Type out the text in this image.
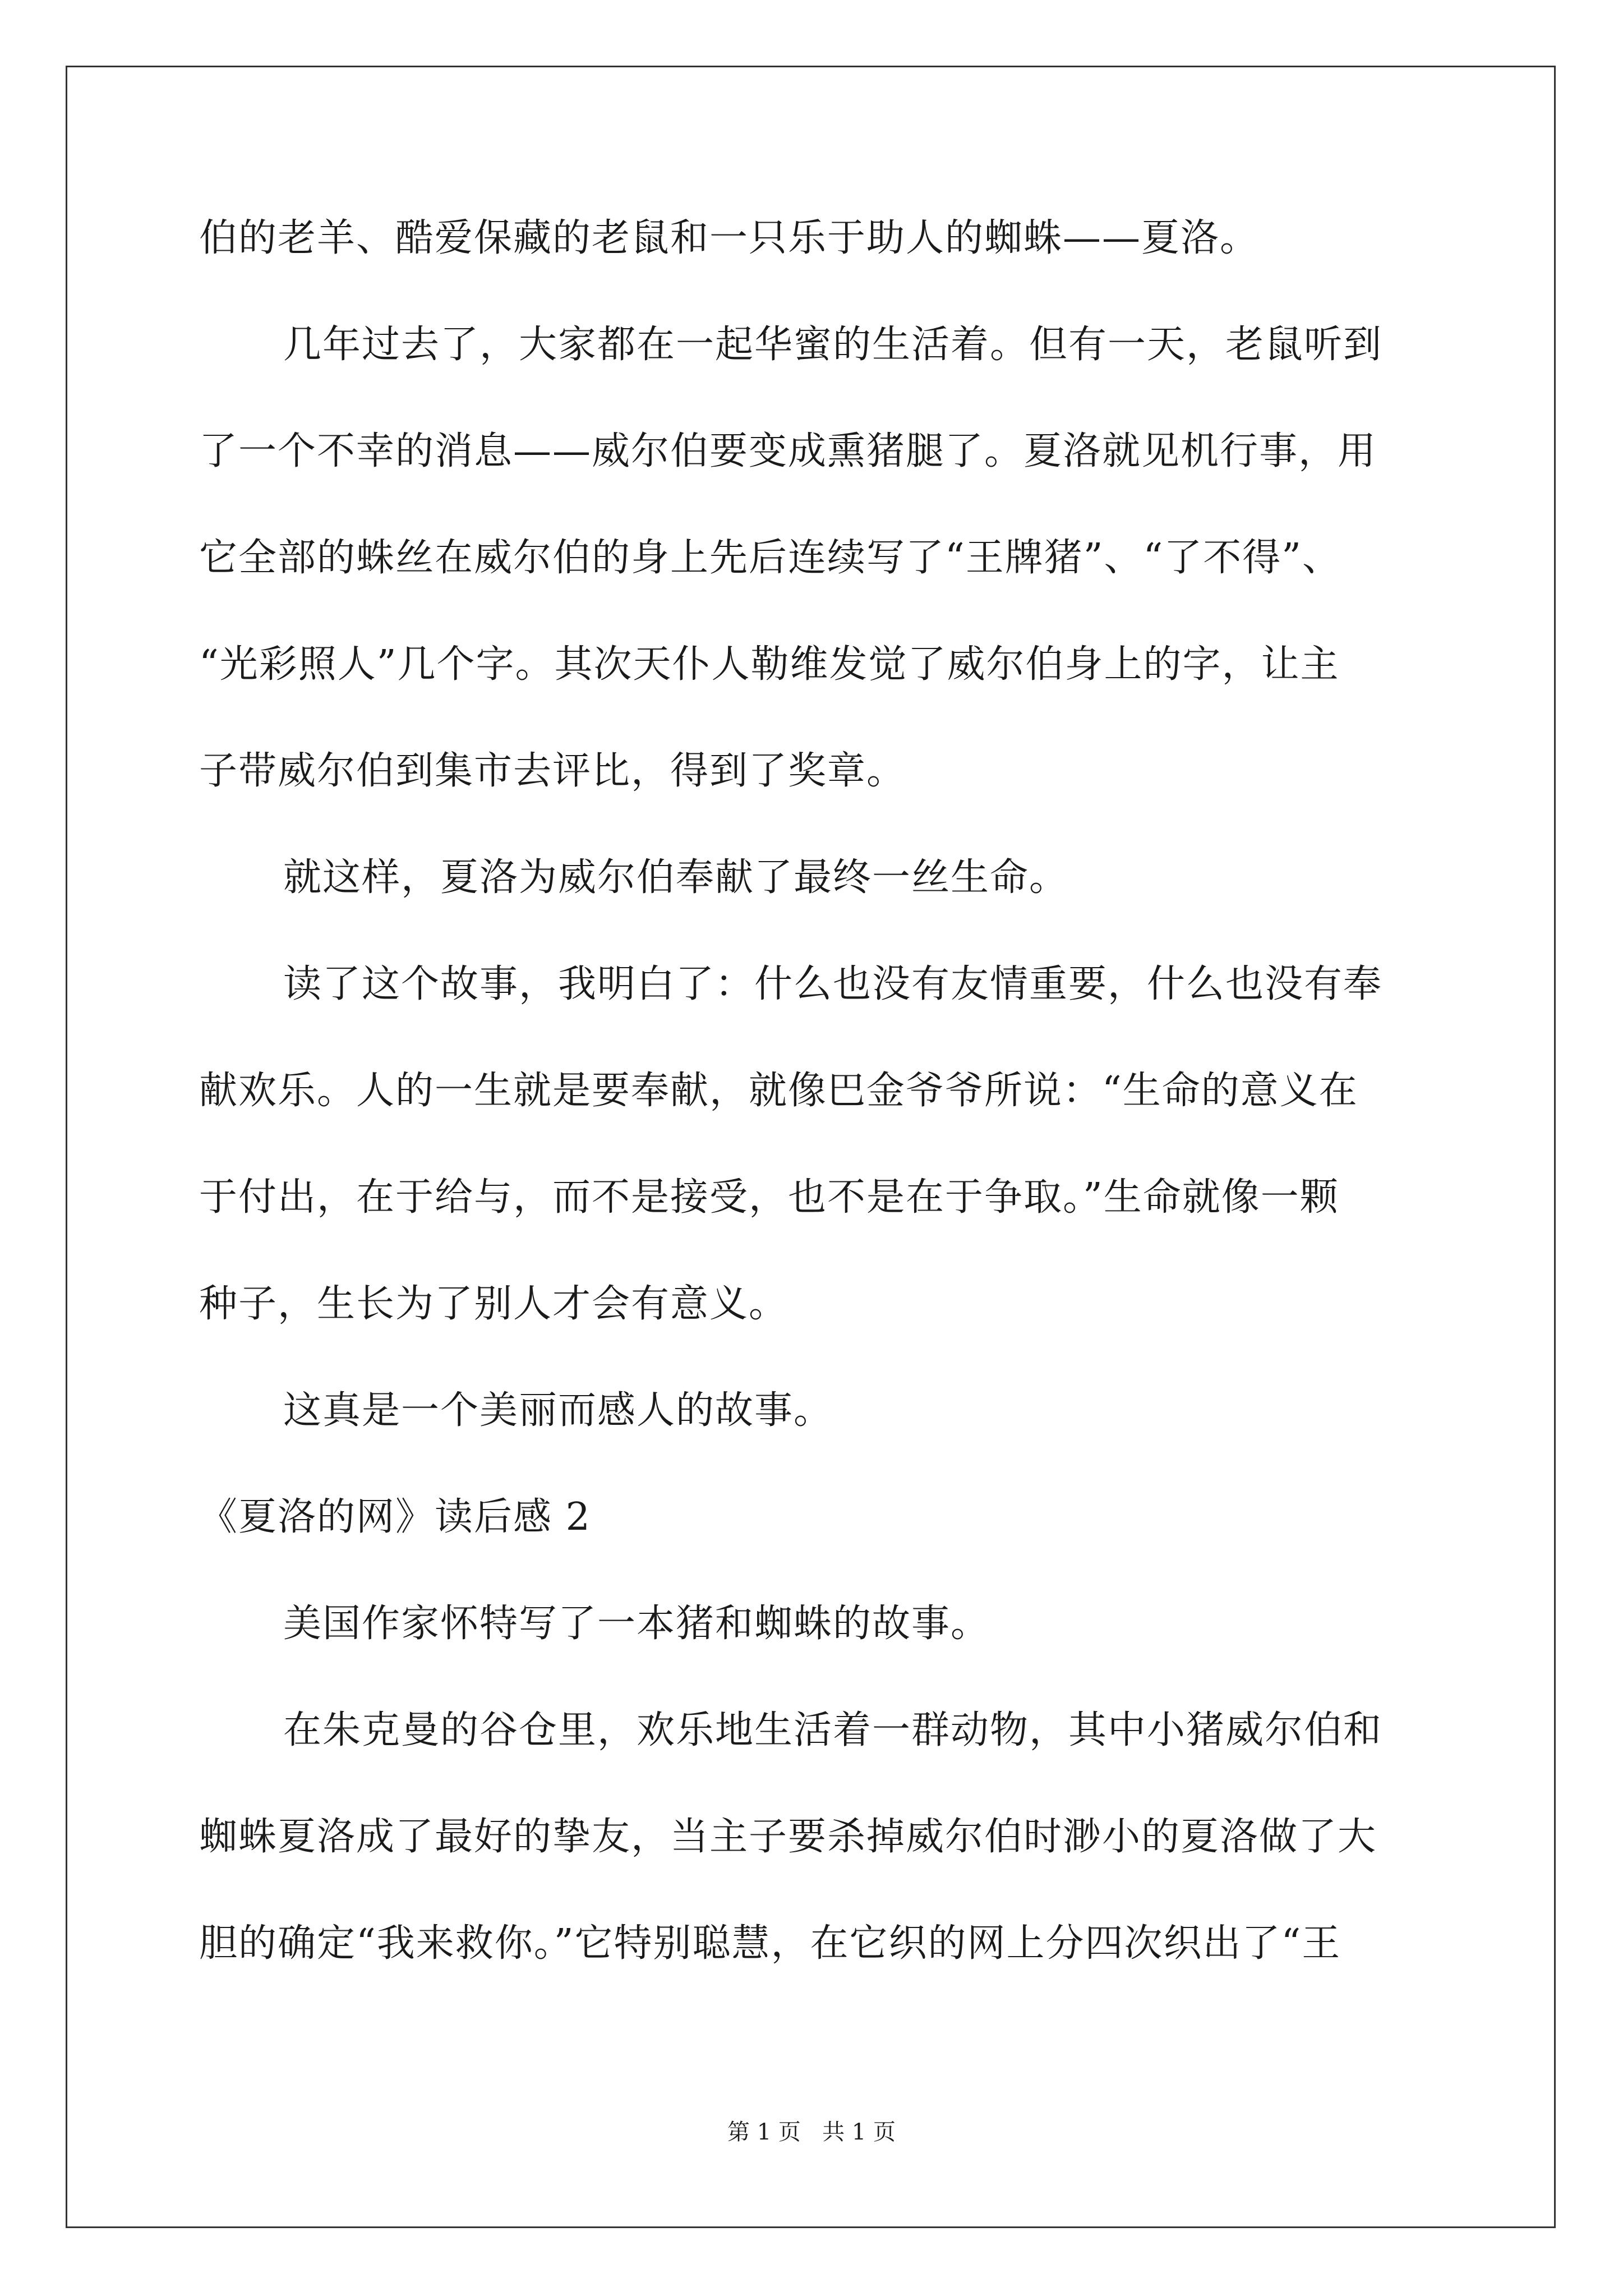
伯的老羊、酷爱保藏的老鼠和一只乐于助人的蜘蛛——夏洛。
几年过去了，大家都在一起华蜜的生活着。但有一天，老鼠听到
了一个不幸的消息——威尔伯要变成熏猪腿了。夏洛就见机行事，用
它全部的蛛丝在威尔伯的身上先后连续写了“王牌猪”、“了不得”、
“光彩照人”几个字。其次天仆人勒维发觉了威尔伯身上的字，让主
子带威尔伯到集市去评比，得到了奖章。
就这样，夏洛为威尔伯奉献了最终一丝生命。
读了这个故事，我明白了：什么也没有友情重要，什么也没有奉
献欢乐。人的一生就是要奉献，就像巴金爷爷所说：“生命的意义在
于付出，在于给与，而不是接受，也不是在于争取。”生命就像一颗
种子，生长为了别人才会有意义。
这真是一个美丽而感人的故事。
《夏洛的网》读后感 2
美国作家怀特写了一本猪和蜘蛛的故事。
在朱克曼的谷仓里，欢乐地生活着一群动物，其中小猪威尔伯和
蜘蛛夏洛成了最好的挚友，当主子要杀掉威尔伯时渺小的夏洛做了大
胆的确定“我来救你。”它特别聪慧，在它织的网上分四次织出了“王
第 1 页   共 1 页
